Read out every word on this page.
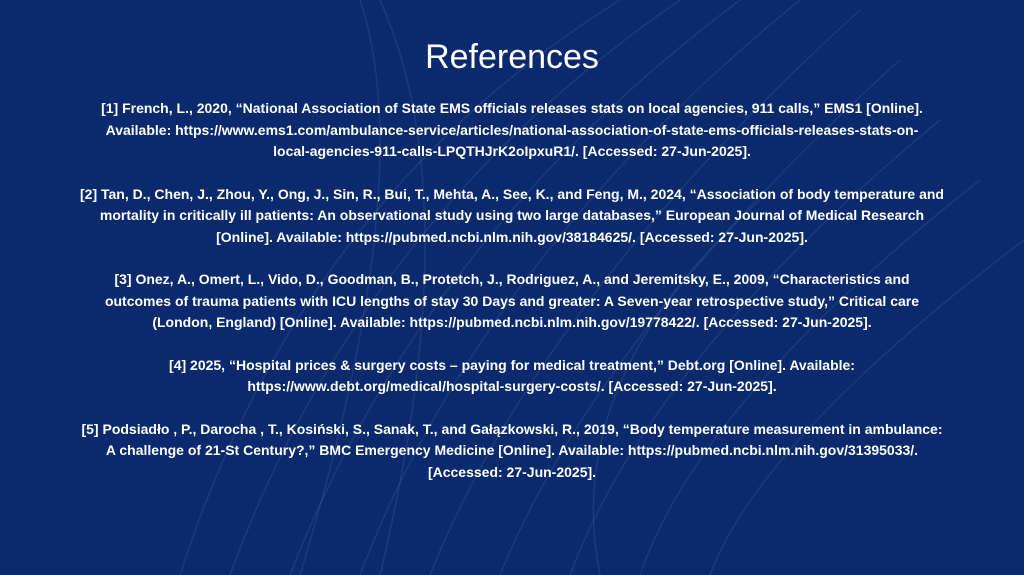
References
[1] French, L., 2020, “National Association of State EMS officials releases stats on local agencies, 911 calls,” EMS1 [Online].
Available: https://www.ems1.com/ambulance-service/articles/national-association-of-state-ems-officials-releases-stats-on-
local-agencies-911-calls-LPQTHJrK2oIpxuR1/. [Accessed: 27-Jun-2025].
[2] Tan, D., Chen, J., Zhou, Y., Ong, J., Sin, R., Bui, T., Mehta, A., See, K., and Feng, M., 2024, “Association of body temperature and
mortality in critically ill patients: An observational study using two large databases,” European Journal of Medical Research
[Online]. Available: https://pubmed.ncbi.nlm.nih.gov/38184625/. [Accessed: 27-Jun-2025].
[3] Onez, A., Omert, L., Vido, D., Goodman, B., Protetch, J., Rodriguez, A., and Jeremitsky, E., 2009, “Characteristics and
outcomes of trauma patients with ICU lengths of stay 30 Days and greater: A Seven-year retrospective study,” Critical care
(London, England) [Online]. Available: https://pubmed.ncbi.nlm.nih.gov/19778422/. [Accessed: 27-Jun-2025].
[4] 2025, “Hospital prices & surgery costs – paying for medical treatment,” Debt.org [Online]. Available:
https://www.debt.org/medical/hospital-surgery-costs/. [Accessed: 27-Jun-2025].
[5] Podsiadło , P., Darocha , T., Kosiński, S., Sanak, T., and Gałązkowski, R., 2019, “Body temperature measurement in ambulance:
A challenge of 21-St Century?,” BMC Emergency Medicine [Online]. Available: https://pubmed.ncbi.nlm.nih.gov/31395033/.
[Accessed: 27-Jun-2025].
